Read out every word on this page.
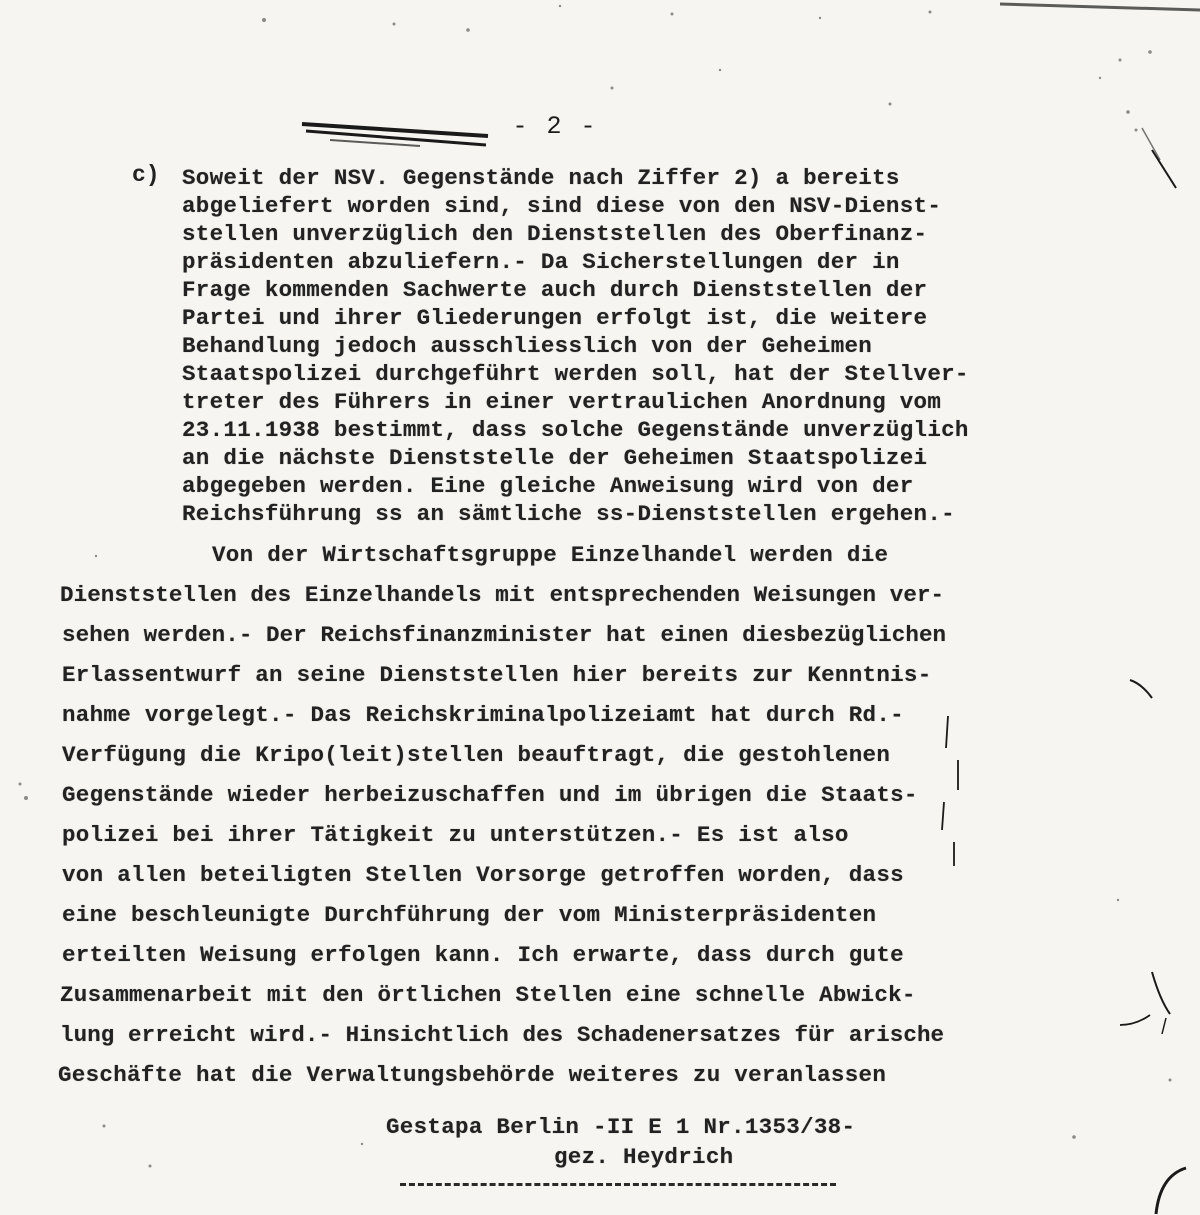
- 2 -
c) Soweit der NSV. Gegenstände nach Ziffer 2) a bereits
abgeliefert worden sind, sind diese von den NSV-Dienst-
stellen unverzüglich den Dienststellen des Oberfinanz-
präsidenten abzuliefern.- Da Sicherstellungen der in
Frage kommenden Sachwerte auch durch Dienststellen der
Partei und ihrer Gliederungen erfolgt ist, die weitere
Behandlung jedoch ausschliesslich von der Geheimen
Staatspolizei durchgeführt werden soll, hat der Stellver-
treter des Führers in einer vertraulichen Anordnung vom
23.11.1938 bestimmt, dass solche Gegenstände unverzüglich
an die nächste Dienststelle der Geheimen Staatspolizei
abgegeben werden. Eine gleiche Anweisung wird von der
Reichsführung ss an sämtliche ss-Dienststellen ergehen.-
Von der Wirtschaftsgruppe Einzelhandel werden die
Dienststellen des Einzelhandels mit entsprechenden Weisungen ver-
sehen werden.- Der Reichsfinanzminister hat einen diesbezüglichen
Erlassentwurf an seine Dienststellen hier bereits zur Kenntnis-
nahme vorgelegt.- Das Reichskriminalpolizeiamt hat durch Rd.-
Verfügung die Kripo(leit)stellen beauftragt, die gestohlenen
Gegenstände wieder herbeizuschaffen und im übrigen die Staats-
polizei bei ihrer Tätigkeit zu unterstützen.- Es ist also
von allen beteiligten Stellen Vorsorge getroffen worden, dass
eine beschleunigte Durchführung der vom Ministerpräsidenten
erteilten Weisung erfolgen kann. Ich erwarte, dass durch gute
Zusammenarbeit mit den örtlichen Stellen eine schnelle Abwick-
lung erreicht wird.- Hinsichtlich des Schadenersatzes für arische
Geschäfte hat die Verwaltungsbehörde weiteres zu veranlassen
Gestapa Berlin -II E 1 Nr.1353/38-
gez. Heydrich
